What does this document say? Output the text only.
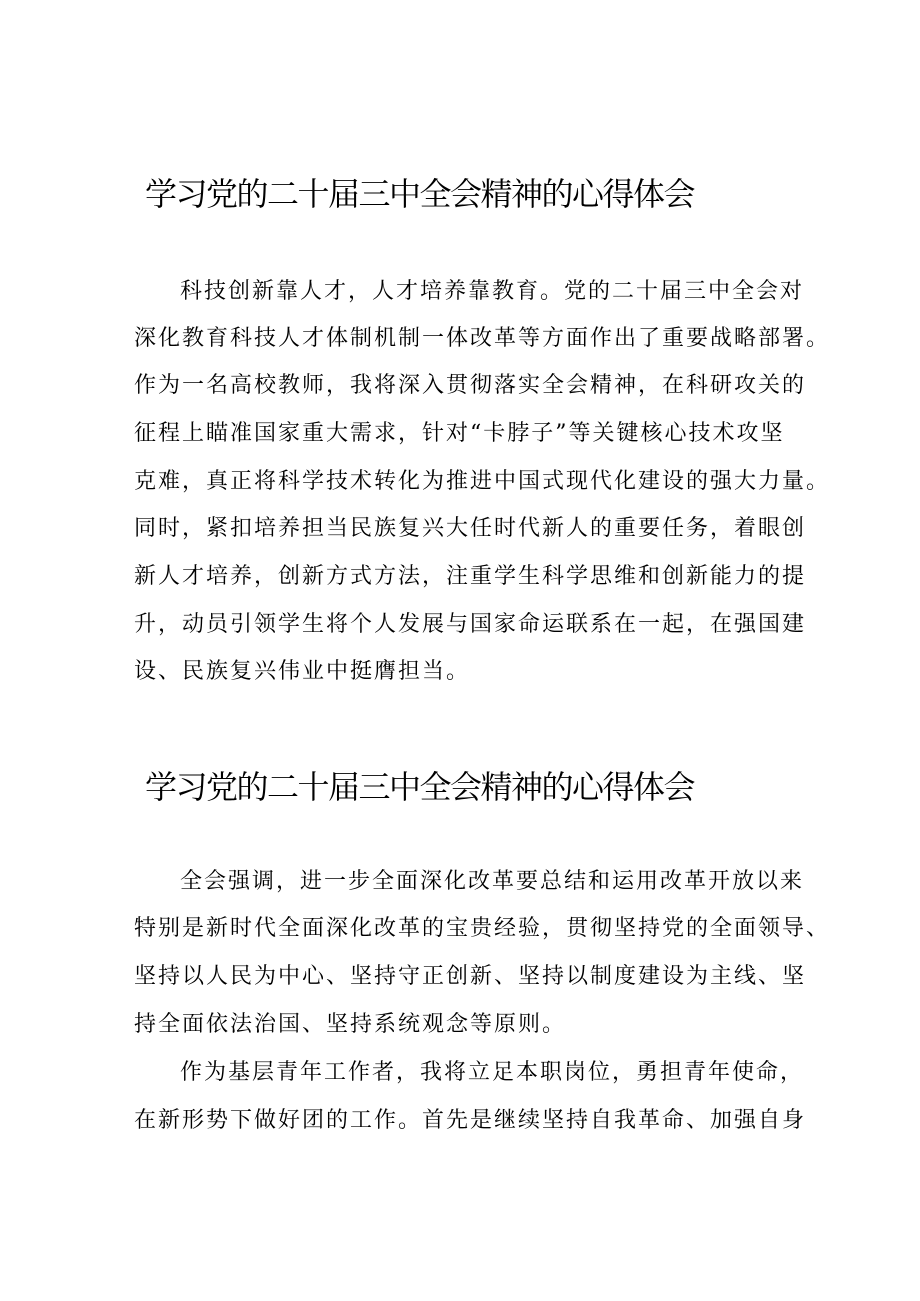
学习党的二十届三中全会精神的心得体会

科技创新靠人才，人才培养靠教育。党的二十届三中全会对

深化教育科技人才体制机制一体改革等方面作出了重要战略部署。

作为一名高校教师，我将深入贯彻落实全会精神，在科研攻关的

征程上瞄准国家重大需求，针对“卡脖子”等关键核心技术攻坚

克难，真正将科学技术转化为推进中国式现代化建设的强大力量。

同时，紧扣培养担当民族复兴大任时代新人的重要任务，着眼创

新人才培养，创新方式方法，注重学生科学思维和创新能力的提

升，动员引领学生将个人发展与国家命运联系在一起，在强国建

设、民族复兴伟业中挺膺担当。

学习党的二十届三中全会精神的心得体会

全会强调，进一步全面深化改革要总结和运用改革开放以来

特别是新时代全面深化改革的宝贵经验，贯彻坚持党的全面领导、

坚持以人民为中心、坚持守正创新、坚持以制度建设为主线、坚

持全面依法治国、坚持系统观念等原则。

作为基层青年工作者，我将立足本职岗位，勇担青年使命，

在新形势下做好团的工作。首先是继续坚持自我革命、加强自身
